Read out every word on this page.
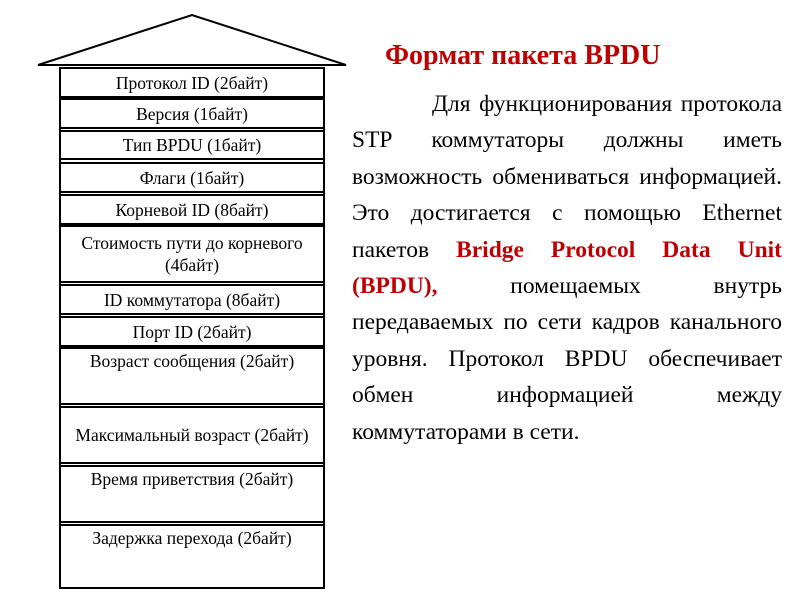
Протокол ID (2байт)
Версия (1байт)
Тип BPDU (1байт)
Флаги (1байт)
Корневой ID (8байт)
Стоимость пути до корневого (4байт)
ID коммутатора (8байт)
Порт ID (2байт)
Возраст сообщения (2байт)
Максимальный возраст (2байт)
Время приветствия (2байт)
Задержка перехода (2байт)
Формат пакета BPDU

Для функционирования протокола STP коммутаторы должны иметь возможность обмениваться информацией. Это достигается с помощью Ethernet пакетов Bridge Protocol Data Unit (BPDU), помещаемых внутрь передаваемых по сети кадров канального уровня. Протокол BPDU обеспечивает обмен информацией между коммутаторами в сети.
